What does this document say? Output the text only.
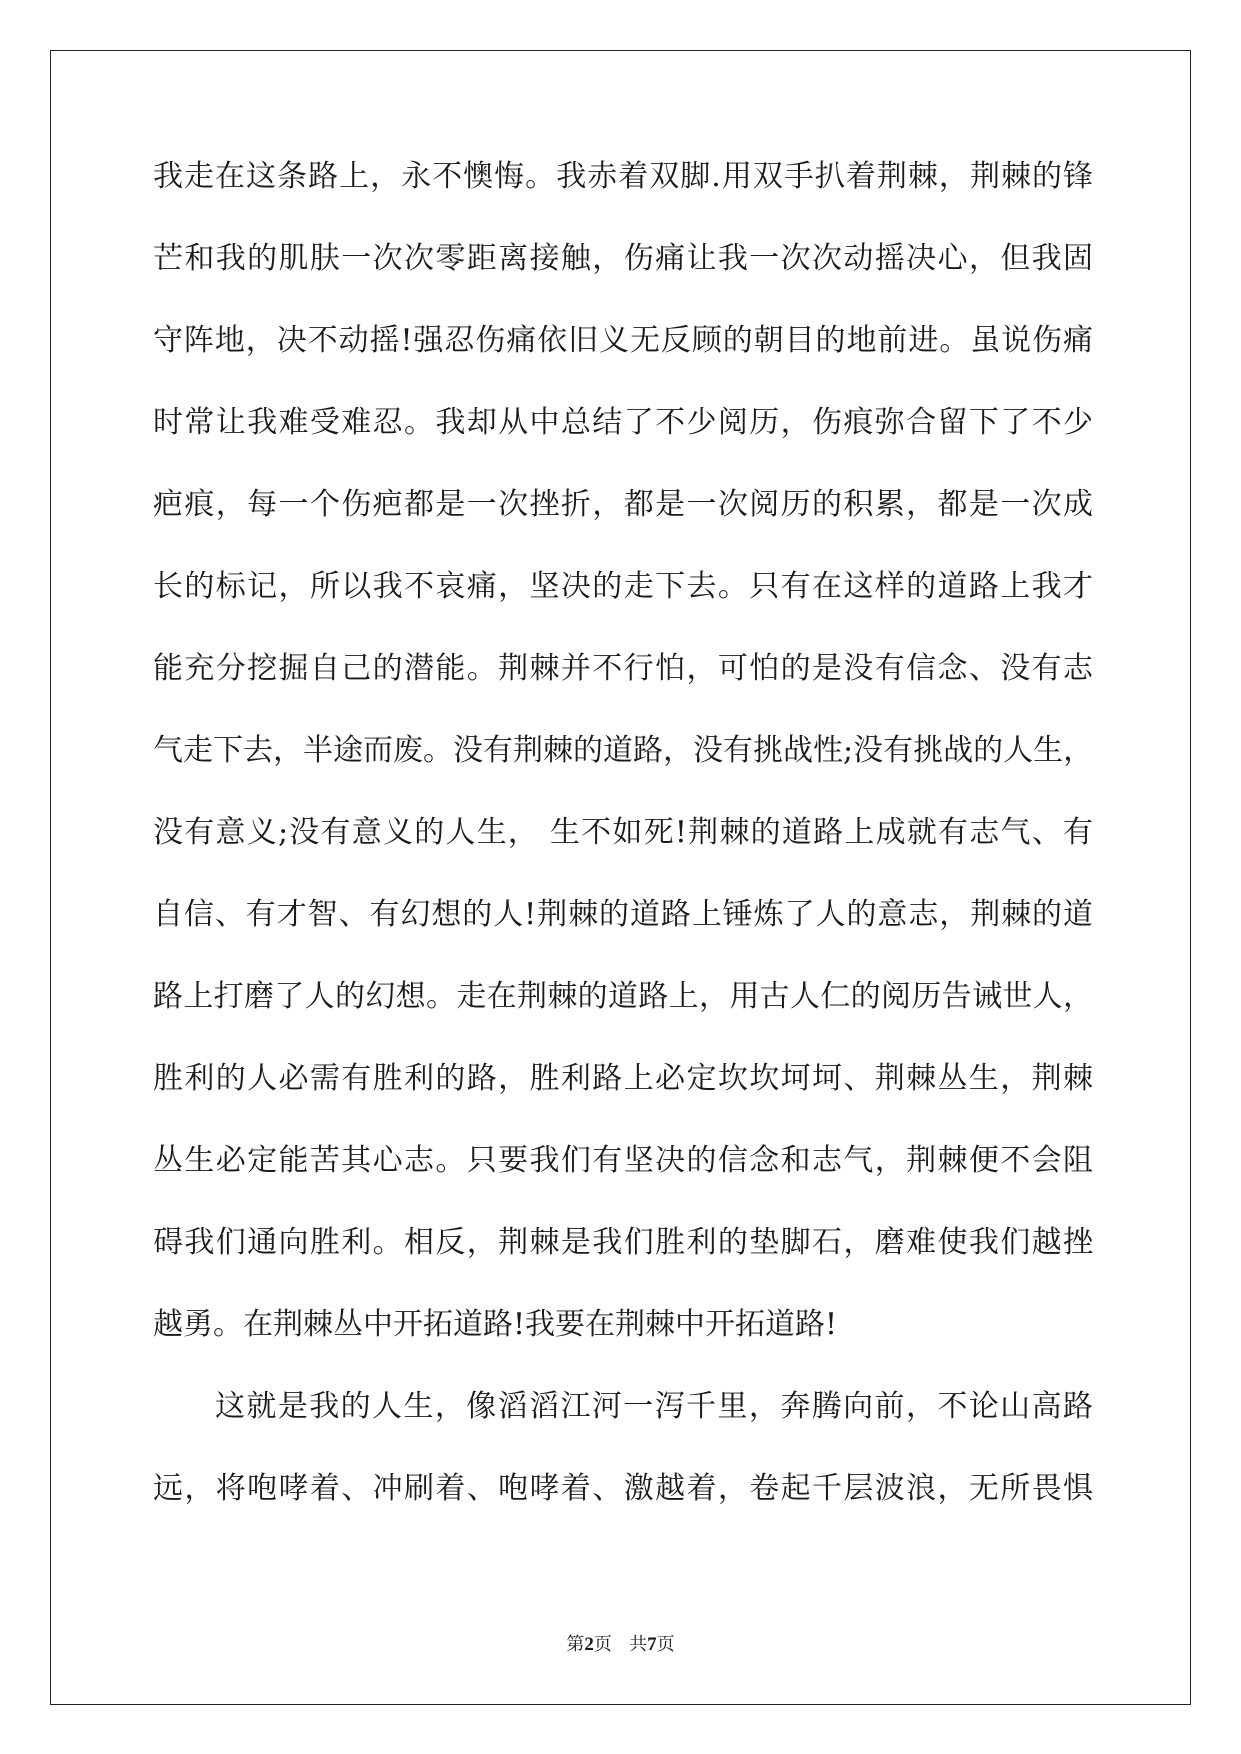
我走在这条路上，永不懊悔。我赤着双脚.用双手扒着荆棘，荆棘的锋
芒和我的肌肤一次次零距离接触，伤痛让我一次次动摇决心，但我固
守阵地，决不动摇!强忍伤痛依旧义无反顾的朝目的地前进。虽说伤痛
时常让我难受难忍。我却从中总结了不少阅历，伤痕弥合留下了不少
疤痕，每一个伤疤都是一次挫折，都是一次阅历的积累，都是一次成
长的标记，所以我不哀痛，坚决的走下去。只有在这样的道路上我才
能充分挖掘自己的潜能。荆棘并不行怕，可怕的是没有信念、没有志
气走下去，半途而废。没有荆棘的道路，没有挑战性;没有挑战的人生，
没有意义;没有意义的人生， 生不如死!荆棘的道路上成就有志气、有
自信、有才智、有幻想的人!荆棘的道路上锤炼了人的意志，荆棘的道
路上打磨了人的幻想。走在荆棘的道路上，用古人仁的阅历告诫世人，
胜利的人必需有胜利的路，胜利路上必定坎坎坷坷、荆棘丛生，荆棘
丛生必定能苦其心志。只要我们有坚决的信念和志气，荆棘便不会阻
碍我们通向胜利。相反，荆棘是我们胜利的垫脚石，磨难使我们越挫
越勇。在荆棘丛中开拓道路!我要在荆棘中开拓道路!
这就是我的人生，像滔滔江河一泻千里，奔腾向前，不论山高路
远，将咆哮着、冲刷着、咆哮着、激越着，卷起千层波浪，无所畏惧
第2页   共7页
